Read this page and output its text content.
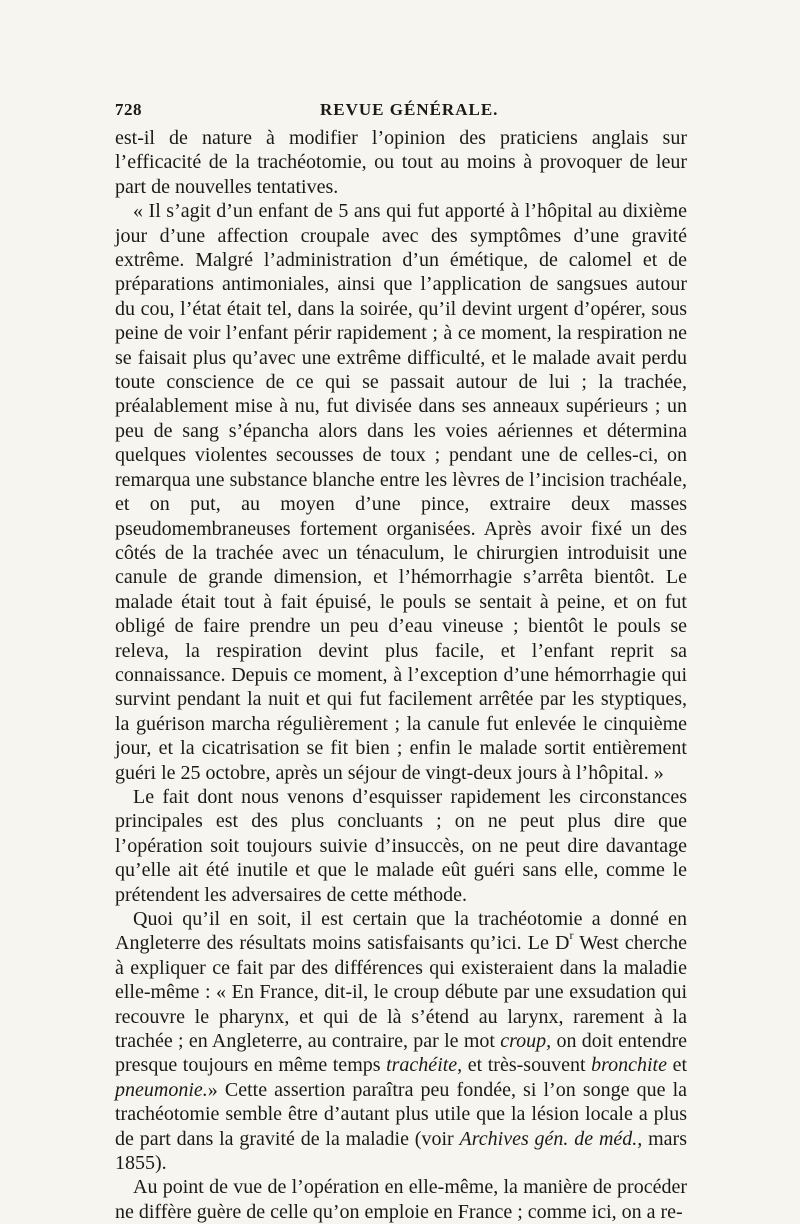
728	REVUE GÉNÉRALE.

est-il de nature à modifier l’opinion des praticiens anglais sur l’efficacité de la trachéotomie, ou tout au moins à provoquer de leur part de nouvelles tentatives.

« Il s’agit d’un enfant de 5 ans qui fut apporté à l’hôpital au dixième jour d’une affection croupale avec des symptômes d’une gravité extrême. Malgré l’administration d’un émétique, de calomel et de préparations antimoniales, ainsi que l’application de sangsues autour du cou, l’état était tel, dans la soirée, qu’il devint urgent d’opérer, sous peine de voir l’enfant périr rapidement ; à ce moment, la respiration ne se faisait plus qu’avec une extrême difficulté, et le malade avait perdu toute conscience de ce qui se passait autour de lui ; la trachée, préalablement mise à nu, fut divisée dans ses anneaux supérieurs ; un peu de sang s’épancha alors dans les voies aériennes et détermina quelques violentes secousses de toux ; pendant une de celles-ci, on remarqua une substance blanche entre les lèvres de l’incision trachéale, et on put, au moyen d’une pince, extraire deux masses pseudomembraneuses fortement organisées. Après avoir fixé un des côtés de la trachée avec un ténaculum, le chirurgien introduisit une canule de grande dimension, et l’hémorrhagie s’arrêta bientôt. Le malade était tout à fait épuisé, le pouls se sentait à peine, et on fut obligé de faire prendre un peu d’eau vineuse ; bientôt le pouls se releva, la respiration devint plus facile, et l’enfant reprit sa connaissance. Depuis ce moment, à l’exception d’une hémorrhagie qui survint pendant la nuit et qui fut facilement arrêtée par les styptiques, la guérison marcha régulièrement ; la canule fut enlevée le cinquième jour, et la cicatrisation se fit bien ; enfin le malade sortit entièrement guéri le 25 octobre, après un séjour de vingt-deux jours à l’hôpital. »

Le fait dont nous venons d’esquisser rapidement les circonstances principales est des plus concluants ; on ne peut plus dire que l’opération soit toujours suivie d’insuccès, on ne peut dire davantage qu’elle ait été inutile et que le malade eût guéri sans elle, comme le prétendent les adversaires de cette méthode.

Quoi qu’il en soit, il est certain que la trachéotomie a donné en Angleterre des résultats moins satisfaisants qu’ici. Le $D^r$ West cherche à expliquer ce fait par des différences qui existeraient dans la maladie elle-même : « En France, dit-il, le croup débute par une exsudation qui recouvre le pharynx, et qui de là s’étend au larynx, rarement à la trachée ; en Angleterre, au contraire, par le mot croup, on doit entendre presque toujours en même temps trachéite, et très-souvent bronchite et pneumonie.» Cette assertion paraîtra peu fondée, si l’on songe que la trachéotomie semble être d’autant plus utile que la lésion locale a plus de part dans la gravité de la maladie (voir Archives gén. de méd., mars 1855).

Au point de vue de l’opération en elle-même, la manière de procéder ne diffère guère de celle qu’on emploie en France ; comme ici, on a re-
